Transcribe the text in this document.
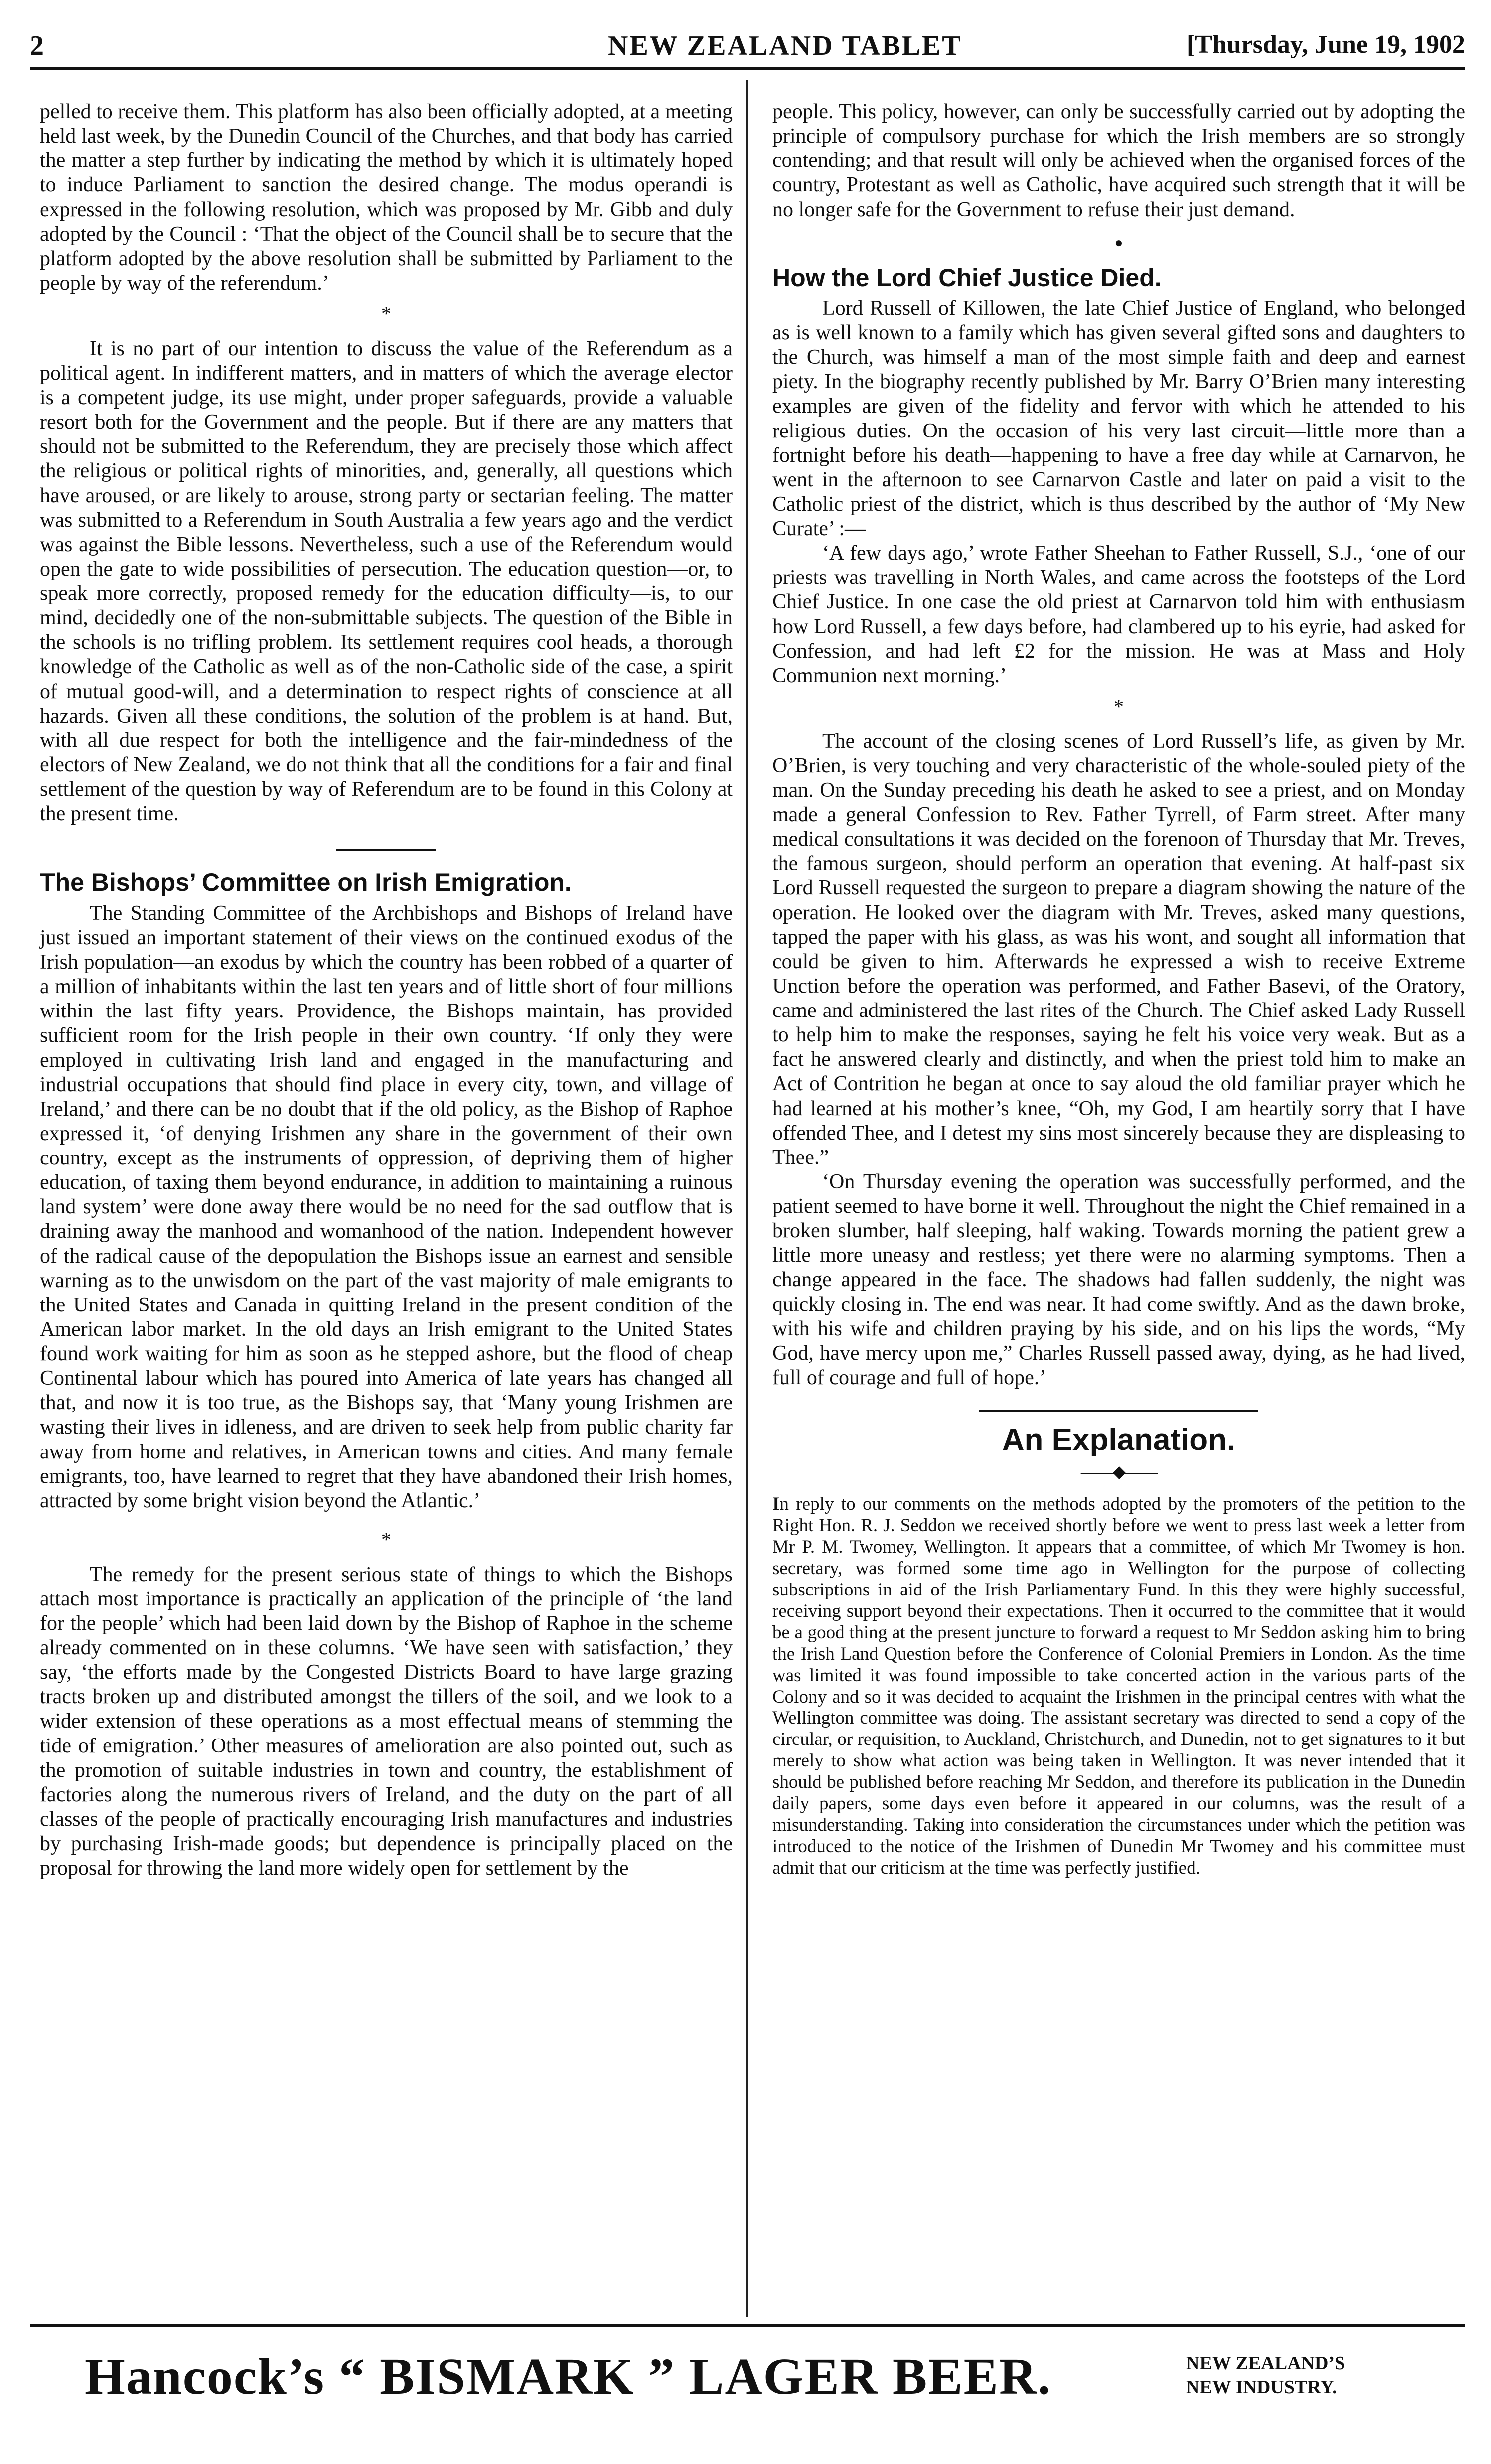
2	NEW ZEALAND TABLET	[Thursday, June 19, 1902

pelled to receive them. This platform has also been officially adopted, at a meeting held last week, by the Dunedin Council of the Churches, and that body has carried the matter a step further by indicating the method by which it is ultimately hoped to induce Parliament to sanction the desired change. The modus operandi is expressed in the following resolution, which was proposed by Mr. Gibb and duly adopted by the Council : ‘That the object of the Council shall be to secure that the platform adopted by the above resolution shall be submitted by Parliament to the people by way of the referendum.’

*

It is no part of our intention to discuss the value of the Referendum as a political agent. In indifferent matters, and in matters of which the average elector is a competent judge, its use might, under proper safeguards, provide a valuable resort both for the Government and the people. But if there are any matters that should not be submitted to the Referendum, they are precisely those which affect the religious or political rights of minorities, and, generally, all questions which have aroused, or are likely to arouse, strong party or sectarian feeling. The matter was submitted to a Referendum in South Australia a few years ago and the verdict was against the Bible lessons. Nevertheless, such a use of the Referendum would open the gate to wide possibilities of persecution. The education question—or, to speak more correctly, proposed remedy for the education difficulty—is, to our mind, decidedly one of the non-submittable subjects. The question of the Bible in the schools is no trifling problem. Its settlement requires cool heads, a thorough knowledge of the Catholic as well as of the non-Catholic side of the case, a spirit of mutual good-will, and a determination to respect rights of conscience at all hazards. Given all these conditions, the solution of the problem is at hand. But, with all due respect for both the intelligence and the fair-mindedness of the electors of New Zealand, we do not think that all the conditions for a fair and final settlement of the question by way of Referendum are to be found in this Colony at the present time.

The Bishops’ Committee on Irish Emigration.

The Standing Committee of the Archbishops and Bishops of Ireland have just issued an important statement of their views on the continued exodus of the Irish population—an exodus by which the country has been robbed of a quarter of a million of inhabitants within the last ten years and of little short of four millions within the last fifty years. Providence, the Bishops maintain, has provided sufficient room for the Irish people in their own country. ‘If only they were employed in cultivating Irish land and engaged in the manufacturing and industrial occupations that should find place in every city, town, and village of Ireland,’ and there can be no doubt that if the old policy, as the Bishop of Raphoe expressed it, ‘of denying Irishmen any share in the government of their own country, except as the instruments of oppression, of depriving them of higher education, of taxing them beyond endurance, in addition to maintaining a ruinous land system’ were done away there would be no need for the sad outflow that is draining away the manhood and womanhood of the nation. Independent however of the radical cause of the depopulation the Bishops issue an earnest and sensible warning as to the unwisdom on the part of the vast majority of male emigrants to the United States and Canada in quitting Ireland in the present condition of the American labor market. In the old days an Irish emigrant to the United States found work waiting for him as soon as he stepped ashore, but the flood of cheap Continental labour which has poured into America of late years has changed all that, and now it is too true, as the Bishops say, that ‘Many young Irishmen are wasting their lives in idleness, and are driven to seek help from public charity far away from home and relatives, in American towns and cities. And many female emigrants, too, have learned to regret that they have abandoned their Irish homes, attracted by some bright vision beyond the Atlantic.’

*

The remedy for the present serious state of things to which the Bishops attach most importance is practically an application of the principle of ‘the land for the people’ which had been laid down by the Bishop of Raphoe in the scheme already commented on in these columns. ‘We have seen with satisfaction,’ they say, ‘the efforts made by the Congested Districts Board to have large grazing tracts broken up and distributed amongst the tillers of the soil, and we look to a wider extension of these operations as a most effectual means of stemming the tide of emigration.’ Other measures of amelioration are also pointed out, such as the promotion of suitable industries in town and country, the establishment of factories along the numerous rivers of Ireland, and the duty on the part of all classes of the people of practically encouraging Irish manufactures and industries by purchasing Irish-made goods; but dependence is principally placed on the proposal for throwing the land more widely open for settlement by the

people. This policy, however, can only be successfully carried out by adopting the principle of compulsory purchase for which the Irish members are so strongly contending; and that result will only be achieved when the organised forces of the country, Protestant as well as Catholic, have acquired such strength that it will be no longer safe for the Government to refuse their just demand.

●
How the Lord Chief Justice Died.

Lord Russell of Killowen, the late Chief Justice of England, who belonged as is well known to a family which has given several gifted sons and daughters to the Church, was himself a man of the most simple faith and deep and earnest piety. In the biography recently published by Mr. Barry O’Brien many interesting examples are given of the fidelity and fervor with which he attended to his religious duties. On the occasion of his very last circuit—little more than a fortnight before his death—happening to have a free day while at Carnarvon, he went in the afternoon to see Carnarvon Castle and later on paid a visit to the Catholic priest of the district, which is thus described by the author of ‘My New Curate’ :—

‘A few days ago,’ wrote Father Sheehan to Father Russell, S.J., ‘one of our priests was travelling in North Wales, and came across the footsteps of the Lord Chief Justice. In one case the old priest at Carnarvon told him with enthusiasm how Lord Russell, a few days before, had clambered up to his eyrie, had asked for Confession, and had left £2 for the mission. He was at Mass and Holy Communion next morning.’

*

The account of the closing scenes of Lord Russell’s life, as given by Mr. O’Brien, is very touching and very characteristic of the whole-souled piety of the man. On the Sunday preceding his death he asked to see a priest, and on Monday made a general Confession to Rev. Father Tyrrell, of Farm street. After many medical consultations it was decided on the forenoon of Thursday that Mr. Treves, the famous surgeon, should perform an operation that evening. At half-past six Lord Russell requested the surgeon to prepare a diagram showing the nature of the operation. He looked over the diagram with Mr. Treves, asked many questions, tapped the paper with his glass, as was his wont, and sought all information that could be given to him. Afterwards he expressed a wish to receive Extreme Unction before the operation was performed, and Father Basevi, of the Oratory, came and administered the last rites of the Church. The Chief asked Lady Russell to help him to make the responses, saying he felt his voice very weak. But as a fact he answered clearly and distinctly, and when the priest told him to make an Act of Contrition he began at once to say aloud the old familiar prayer which he had learned at his mother’s knee, “Oh, my God, I am heartily sorry that I have offended Thee, and I detest my sins most sincerely because they are displeasing to Thee.”

‘On Thursday evening the operation was successfully performed, and the patient seemed to have borne it well. Throughout the night the Chief remained in a broken slumber, half sleeping, half waking. Towards morning the patient grew a little more uneasy and restless; yet there were no alarming symptoms. Then a change appeared in the face. The shadows had fallen suddenly, the night was quickly closing in. The end was near. It had come swiftly. And as the dawn broke, with his wife and children praying by his side, and on his lips the words, “My God, have mercy upon me,” Charles Russell passed away, dying, as he had lived, full of courage and full of hope.’

An Explanation.
——◆——

In reply to our comments on the methods adopted by the promoters of the petition to the Right Hon. R. J. Seddon we received shortly before we went to press last week a letter from Mr P. M. Twomey, Wellington. It appears that a committee, of which Mr Twomey is hon. secretary, was formed some time ago in Wellington for the purpose of collecting subscriptions in aid of the Irish Parliamentary Fund. In this they were highly successful, receiving support beyond their expectations. Then it occurred to the committee that it would be a good thing at the present juncture to forward a request to Mr Seddon asking him to bring the Irish Land Question before the Conference of Colonial Premiers in London. As the time was limited it was found impossible to take concerted action in the various parts of the Colony and so it was decided to acquaint the Irishmen in the principal centres with what the Wellington committee was doing. The assistant secretary was directed to send a copy of the circular, or requisition, to Auckland, Christchurch, and Dunedin, not to get signatures to it but merely to show what action was being taken in Wellington. It was never intended that it should be published before reaching Mr Seddon, and therefore its publication in the Dunedin daily papers, some days even before it appeared in our columns, was the result of a misunderstanding. Taking into consideration the circumstances under which the petition was introduced to the notice of the Irishmen of Dunedin Mr Twomey and his committee must admit that our criticism at the time was perfectly justified.

Hancock’s “ BISMARK ” LAGER BEER.	NEW ZEALAND’S
NEW INDUSTRY.
